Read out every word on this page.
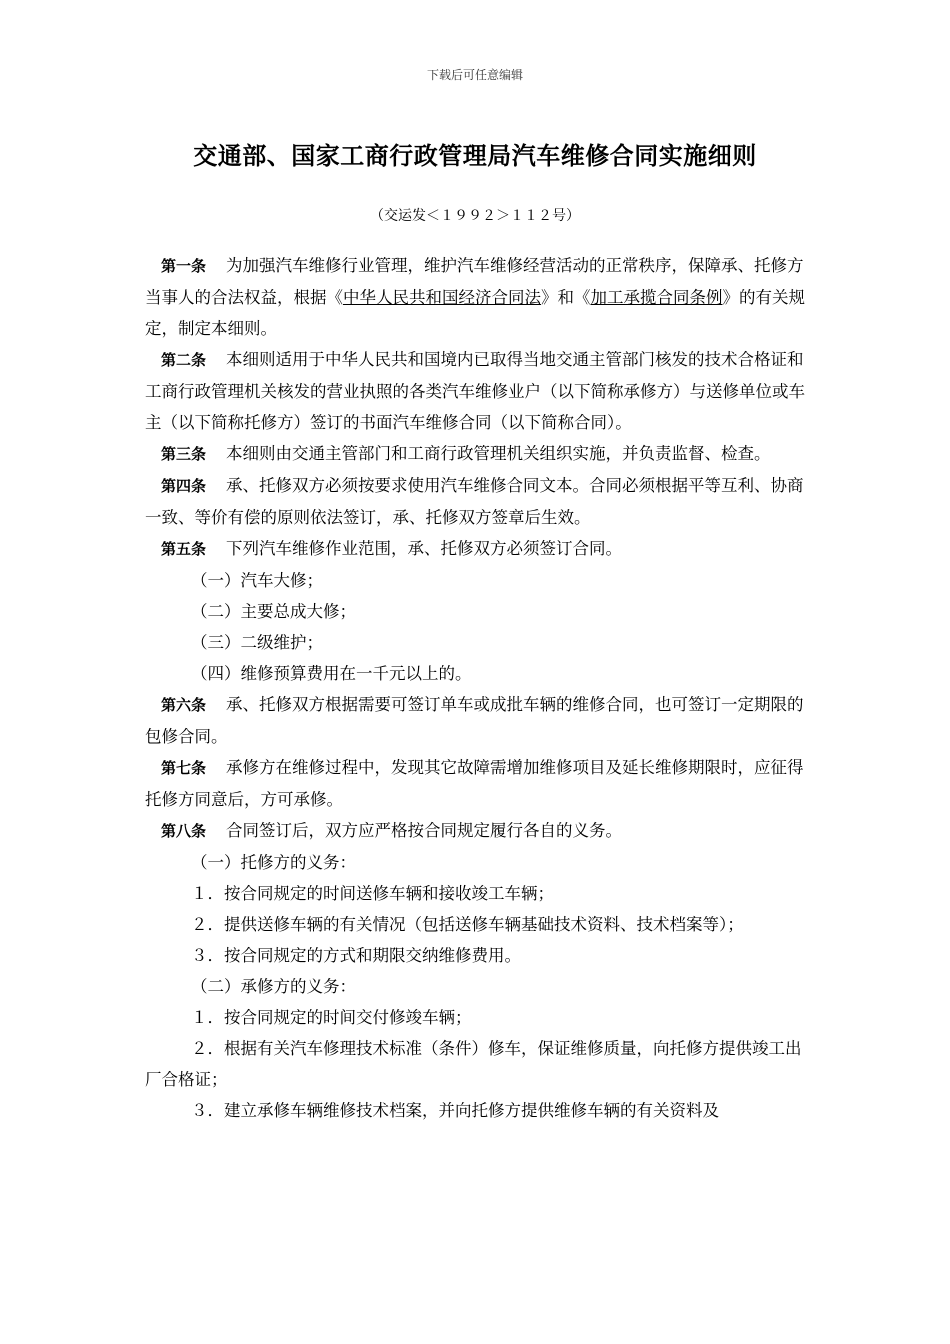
下载后可任意编辑
交通部、国家工商行政管理局汽车维修合同实施细则
（交运发＜１９９２＞１１２号）

第一条 为加强汽车维修行业管理，维护汽车维修经营活动的正常秩序，保障承、托修方当事人的合法权益，根据《中华人民共和国经济合同法》和《加工承揽合同条例》的有关规定，制定本细则。

第二条 本细则适用于中华人民共和国境内已取得当地交通主管部门核发的技术合格证和工商行政管理机关核发的营业执照的各类汽车维修业户（以下简称承修方）与送修单位或车主（以下简称托修方）签订的书面汽车维修合同（以下简称合同）。

第三条 本细则由交通主管部门和工商行政管理机关组织实施，并负责监督、检查。

第四条 承、托修双方必须按要求使用汽车维修合同文本。合同必须根据平等互利、协商一致、等价有偿的原则依法签订，承、托修双方签章后生效。

第五条 下列汽车维修作业范围，承、托修双方必须签订合同。

（一）汽车大修；

（二）主要总成大修；

（三）二级维护；

（四）维修预算费用在一千元以上的。

第六条 承、托修双方根据需要可签订单车或成批车辆的维修合同，也可签订一定期限的包修合同。

第七条 承修方在维修过程中，发现其它故障需增加维修项目及延长维修期限时，应征得托修方同意后，方可承修。

第八条 合同签订后，双方应严格按合同规定履行各自的义务。

（一）托修方的义务：

１．按合同规定的时间送修车辆和接收竣工车辆；

２．提供送修车辆的有关情况（包括送修车辆基础技术资料、技术档案等）；

３．按合同规定的方式和期限交纳维修费用。

（二）承修方的义务：

１．按合同规定的时间交付修竣车辆；

２．根据有关汽车修理技术标准（条件）修车，保证维修质量，向托修方提供竣工出厂合格证；

３．建立承修车辆维修技术档案，并向托修方提供维修车辆的有关资料及
